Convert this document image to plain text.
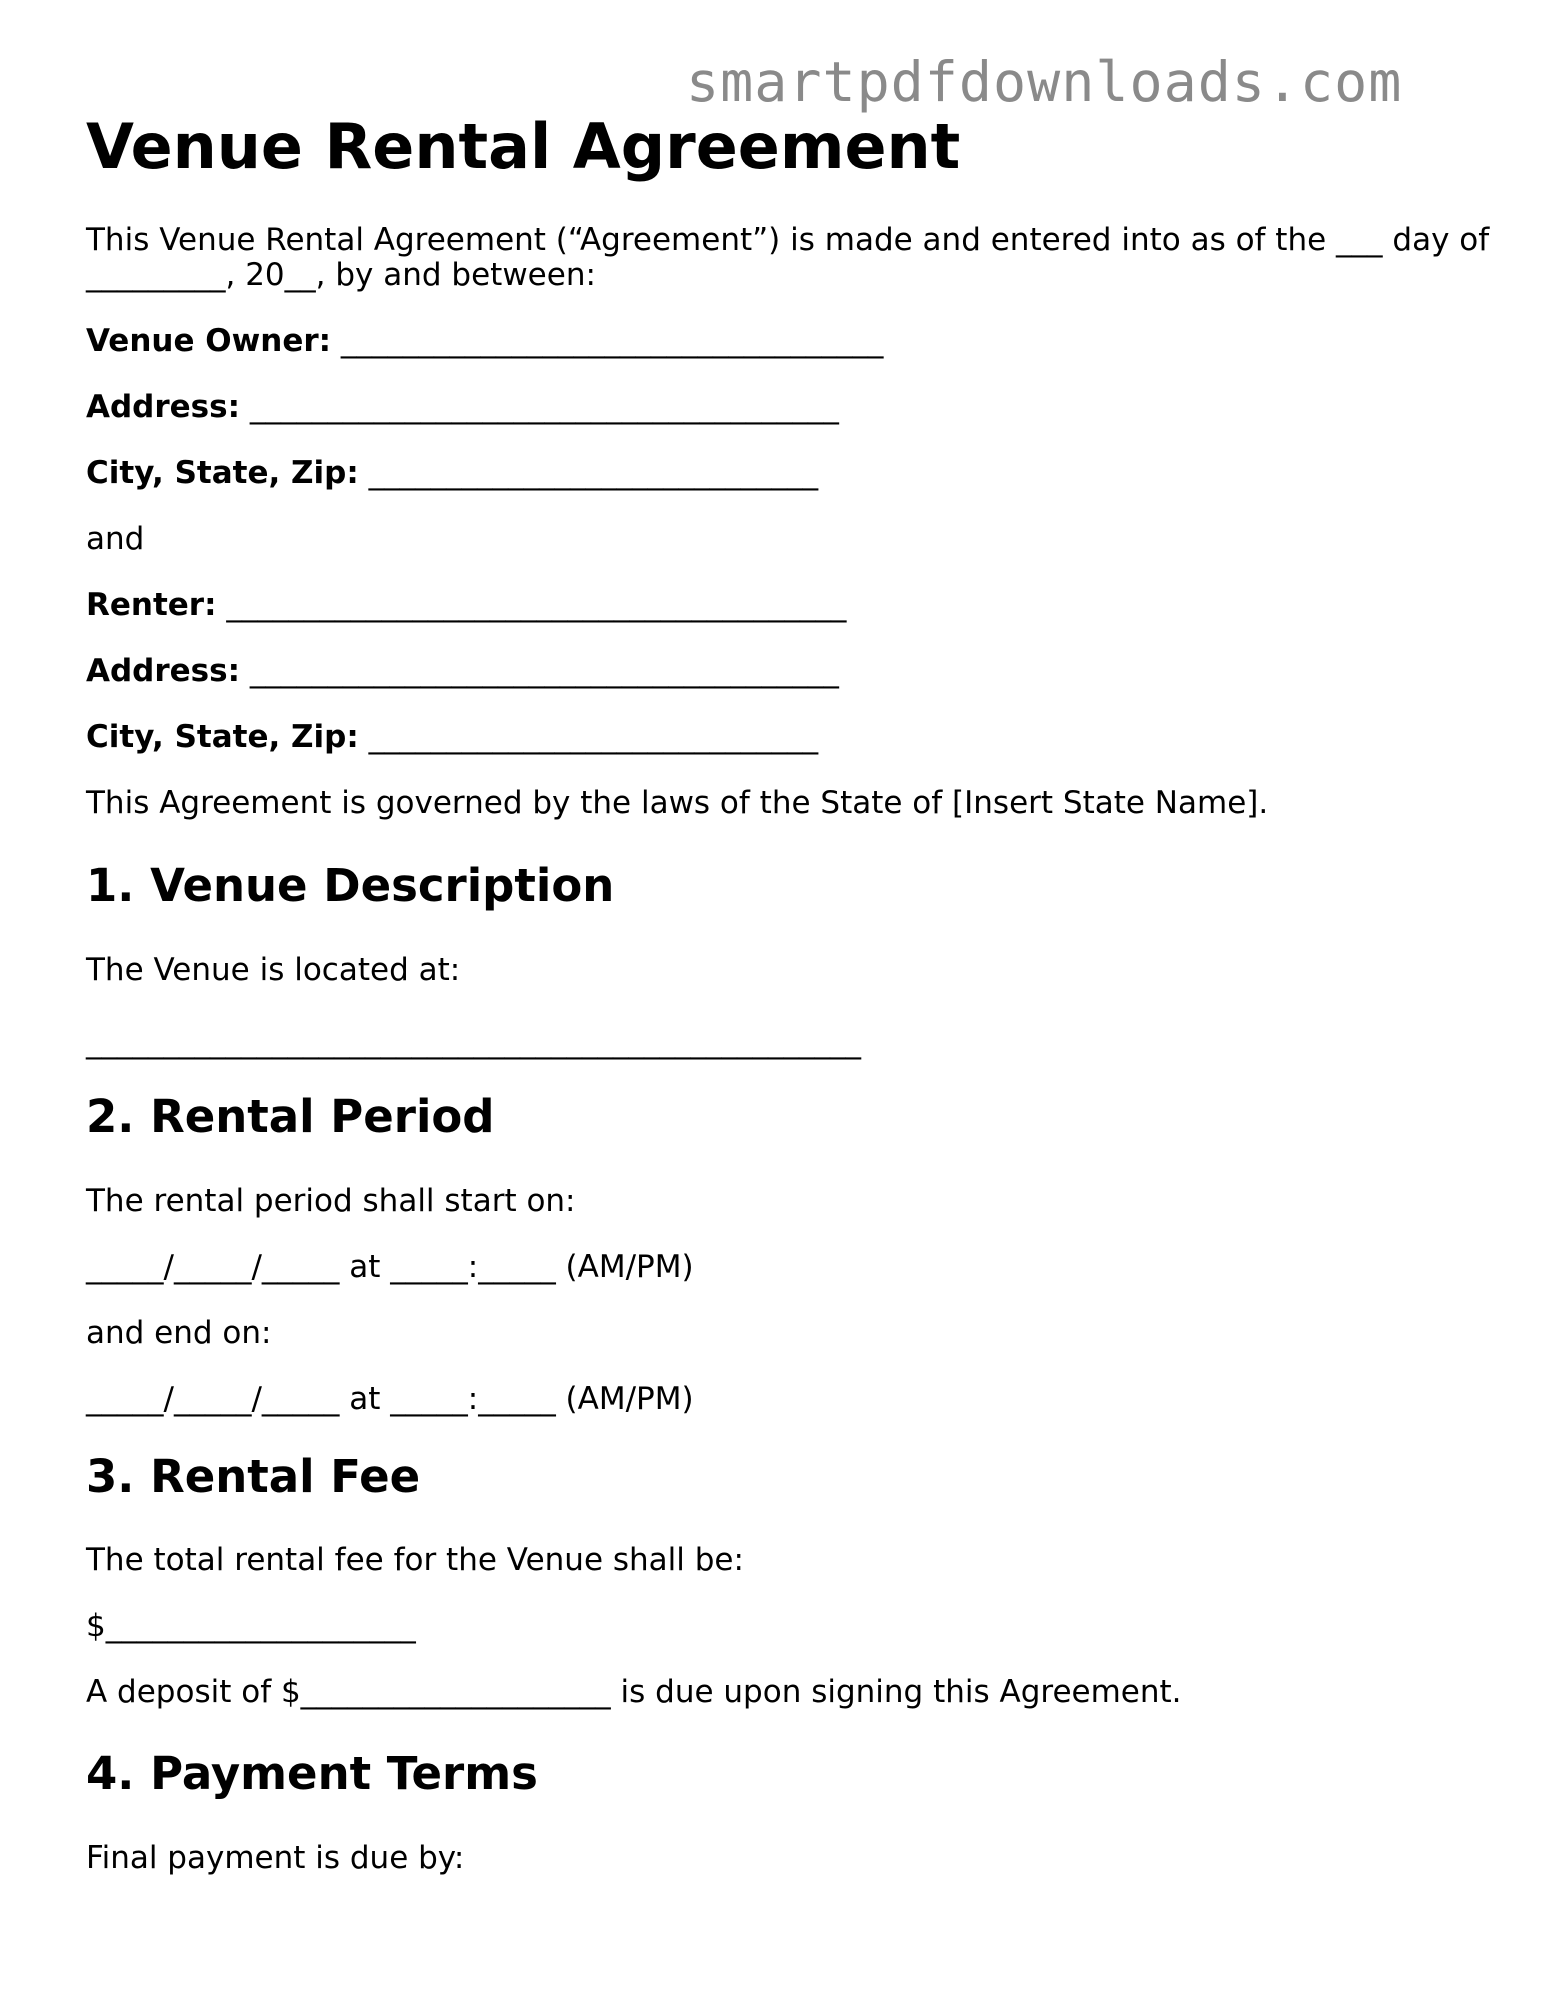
smartpdfdownloads.com
Venue Rental Agreement

This Venue Rental Agreement (“Agreement”) is made and entered into as of the ___ day of

_________, 20__, by and between:

Venue Owner: ___________________________________

Address: ______________________________________

City, State, Zip: _____________________________

and

Renter: ________________________________________

Address: ______________________________________

City, State, Zip: _____________________________

This Agreement is governed by the laws of the State of [Insert State Name].

1. Venue Description

The Venue is located at:

__________________________________________________

2. Rental Period

The rental period shall start on:

_____/_____/_____ at _____:_____ (AM/PM)

and end on:

_____/_____/_____ at _____:_____ (AM/PM)

3. Rental Fee

The total rental fee for the Venue shall be:

$____________________

A deposit of $____________________ is due upon signing this Agreement.

4. Payment Terms

Final payment is due by:
